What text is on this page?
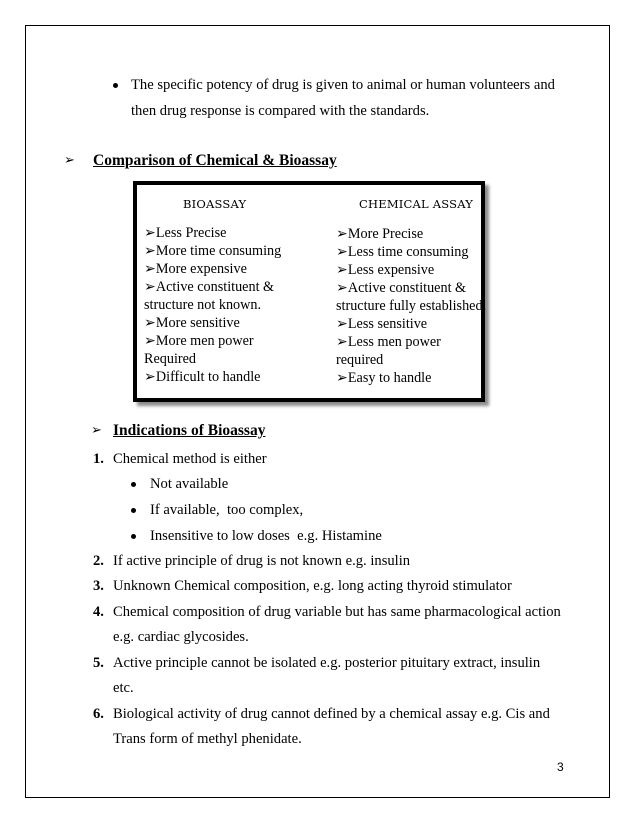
The specific potency of drug is given to animal or human volunteers and
then drug response is compared with the standards.
➢ Comparison of Chemical & Bioassay
BIOASSAY	CHEMICAL ASSAY
➢Less Precise
➢More time consuming
➢More expensive
➢Active constituent &
structure not known.
➢More sensitive
➢More men power
Required
➢Difficult to handle
➢More Precise
➢Less time consuming
➢Less expensive
➢Active constituent &
structure fully established.
➢Less sensitive
➢Less men power
required
➢Easy to handle
➢ Indications of Bioassay
1. Chemical method is either
Not available
If available,  too complex,
Insensitive to low doses  e.g. Histamine
2. If active principle of drug is not known e.g. insulin
3. Unknown Chemical composition, e.g. long acting thyroid stimulator
4. Chemical composition of drug variable but has same pharmacological action
e.g. cardiac glycosides.
5. Active principle cannot be isolated e.g. posterior pituitary extract, insulin
etc.
6. Biological activity of drug cannot defined by a chemical assay e.g. Cis and
Trans form of methyl phenidate.
3
